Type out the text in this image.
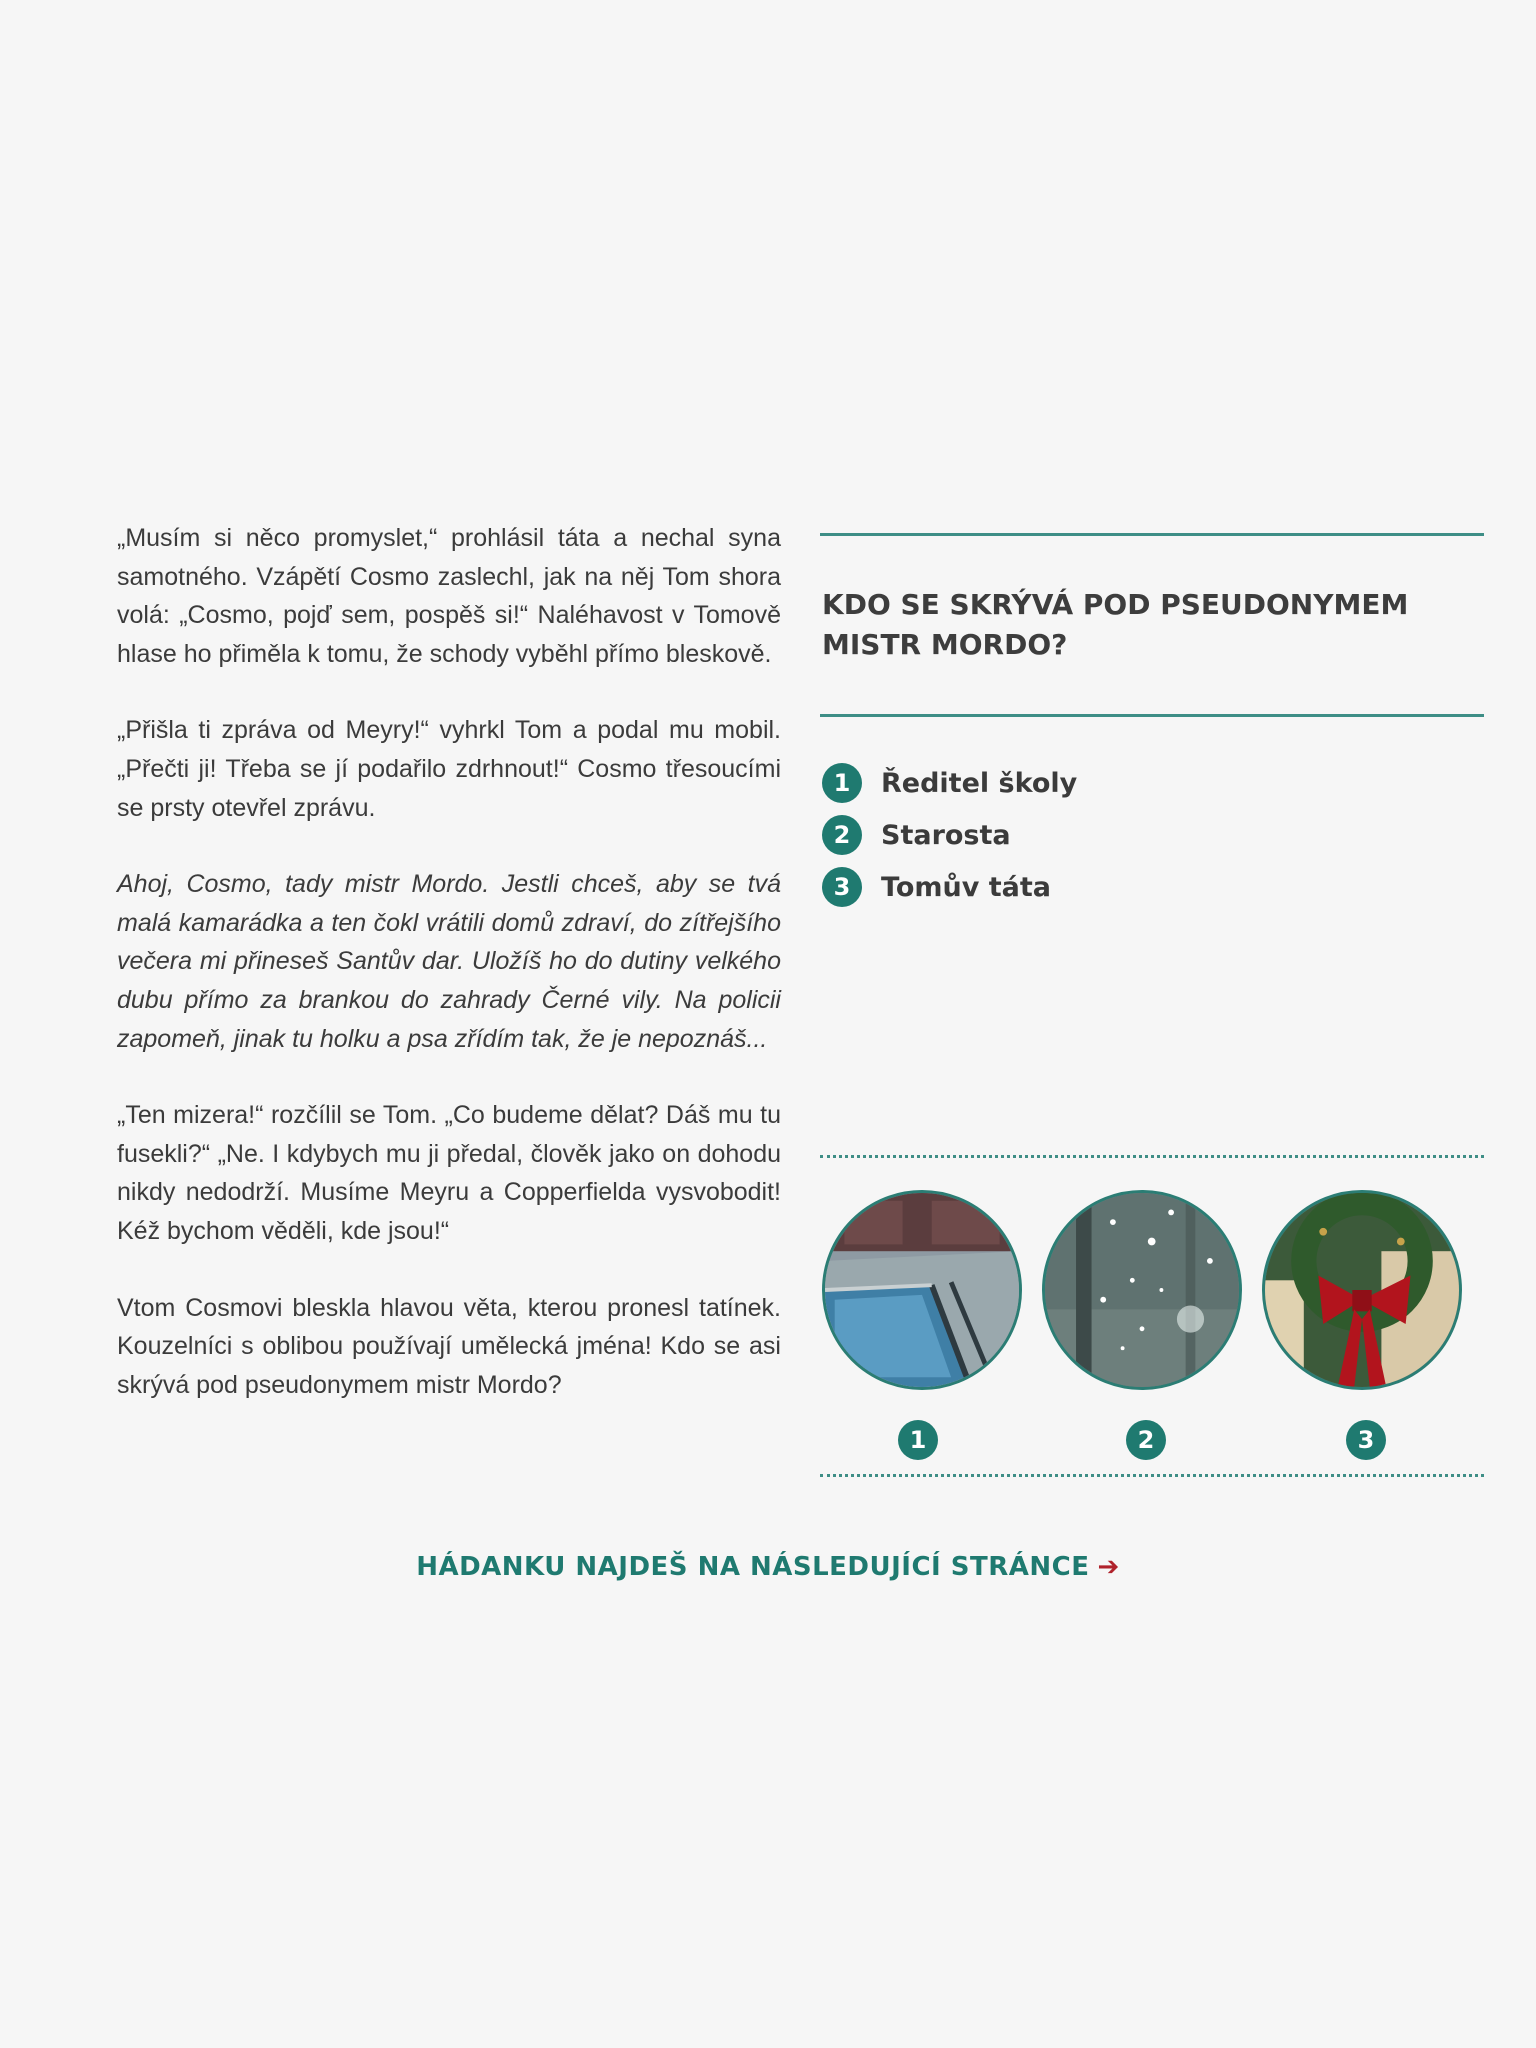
„Musím si něco promyslet,“ prohlásil táta a nechal syna samotného. Vzápětí Cosmo zaslechl, jak na něj Tom shora volá: „Cosmo, pojď sem, pospěš si!“ Naléhavost v Tomově hlase ho přiměla k tomu, že schody vyběhl přímo bleskově.

„Přišla ti zpráva od Meyry!“ vyhrkl Tom a podal mu mobil. „Přečti ji! Třeba se jí podařilo zdrhnout!“ Cosmo třesoucími se prsty otevřel zprávu.

Ahoj, Cosmo, tady mistr Mordo. Jestli chceš, aby se tvá malá kamarádka a ten čokl vrátili domů zdraví, do zítřejšího večera mi přineseš Santův dar. Uložíš ho do dutiny velkého dubu přímo za brankou do zahrady Černé vily. Na policii zapomeň, jinak tu holku a psa zřídím tak, že je nepoznáš...

„Ten mizera!“ rozčílil se Tom. „Co budeme dělat? Dáš mu tu fusekli?“ „Ne. I kdybych mu ji předal, člověk jako on dohodu nikdy nedodrží. Musíme Meyru a Copperfielda vysvobodit! Kéž bychom věděli, kde jsou!“

Vtom Cosmovi bleskla hlavou věta, kterou pronesl tatínek. Kouzelníci s oblibou používají umělecká jména! Kdo se asi skrývá pod pseudonymem mistr Mordo?

KDO SE SKRÝVÁ POD PSEUDONYMEM MISTR MORDO?
1	Ředitel školy
2	Starosta
3	Tomův táta
1	2	3
HÁDANKU NAJDEŠ NA NÁSLEDUJÍCÍ STRÁNCE ➔
